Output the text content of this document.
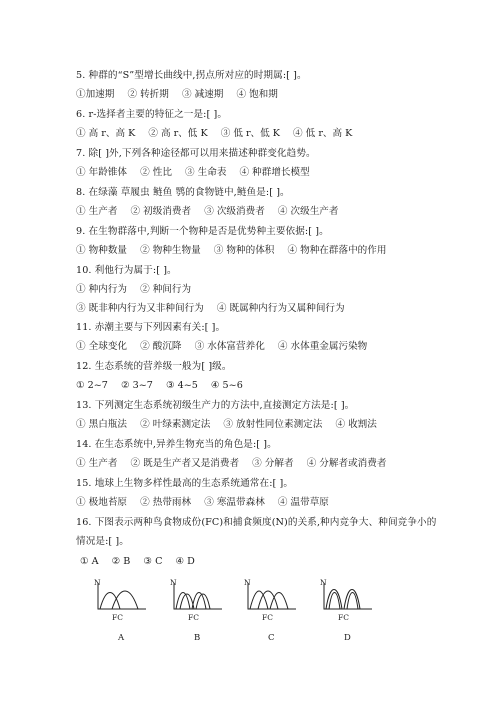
5. 种群的“S”型增长曲线中,拐点所对应的时期属:[ ]。
①加速期 ② 转折期 ③ 减速期 ④ 饱和期
6. r-选择者主要的特征之一是:[ ]。
① 高 r、高 K ② 高 r、低 K ③ 低 r、低 K ④ 低 r、高 K
7. 除[ ]外,下列各种途径都可以用来描述种群变化趋势。
① 年龄锥体 ② 性比 ③ 生命表 ④ 种群增长模型
8. 在绿藻 草履虫 鲢鱼 鹗的食物链中,鲢鱼是:[ ]。
① 生产者 ② 初级消费者 ③ 次级消费者 ④ 次级生产者
9. 在生物群落中,判断一个物种是否是优势种主要依据:[ ]。
① 物种数量 ② 物种生物量 ③ 物种的体积 ④ 物种在群落中的作用
10. 利他行为属于:[ ]。
① 种内行为 ② 种间行为
③ 既非种内行为又非种间行为 ④ 既属种内行为又属种间行为
11. 赤潮主要与下列因素有关:[ ]。
① 全球变化 ② 酸沉降 ③ 水体富营养化 ④ 水体重金属污染物
12. 生态系统的营养级一般为[ ]级。
① 2~7 ② 3~7 ③ 4~5 ④ 5~6
13. 下列测定生态系统初级生产力的方法中,直接测定方法是:[ ]。
① 黑白瓶法 ② 叶绿素测定法 ③ 放射性同位素测定法 ④ 收割法
14. 在生态系统中,异养生物充当的角色是:[ ]。
① 生产者 ② 既是生产者又是消费者 ③ 分解者 ④ 分解者或消费者
15. 地球上生物多样性最高的生态系统通常在:[ ]。
① 极地苔原 ② 热带雨林 ③ 寒温带森林 ④ 温带草原
16. 下图表示两种鸟食物成份(FC)和捕食频度(N)的关系,种内竞争大、种间竞争小的
情况是:[ ]。
① A ② B ③ C ④ D
N
FC
A
N
FC
B
N
FC
C
N
FC
D
